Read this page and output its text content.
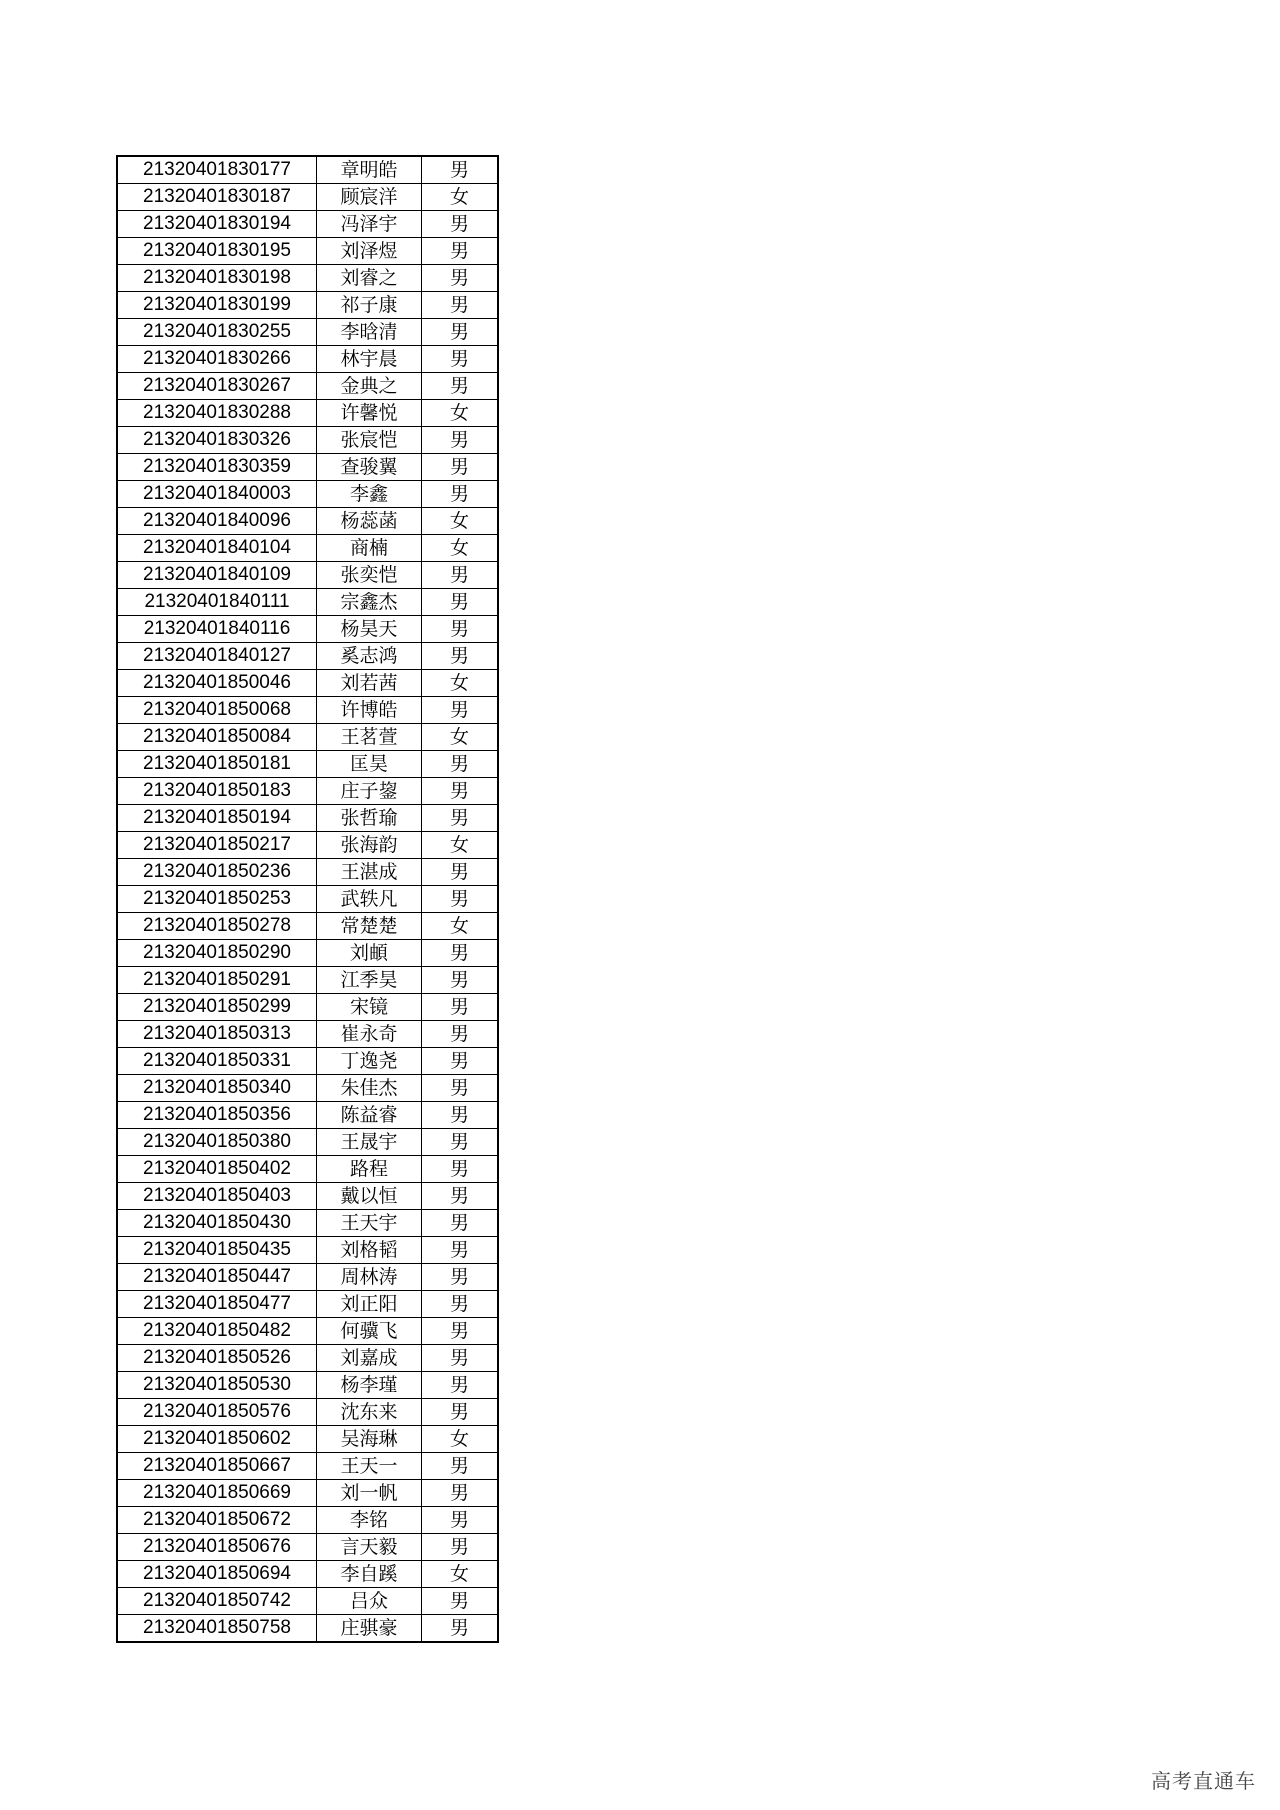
21320401830177	章明皓	男
21320401830187	顾宸洋	女
21320401830194	冯泽宇	男
21320401830195	刘泽煜	男
21320401830198	刘睿之	男
21320401830199	祁子康	男
21320401830255	李晗清	男
21320401830266	林宇晨	男
21320401830267	金典之	男
21320401830288	许馨悦	女
21320401830326	张宸恺	男
21320401830359	查骏翼	男
21320401840003	李鑫	男
21320401840096	杨蕊菡	女
21320401840104	商楠	女
21320401840109	张奕恺	男
21320401840111	宗鑫杰	男
21320401840116	杨昊天	男
21320401840127	奚志鸿	男
21320401850046	刘若茜	女
21320401850068	许博皓	男
21320401850084	王茗萱	女
21320401850181	匡昊	男
21320401850183	庄子鋆	男
21320401850194	张哲瑜	男
21320401850217	张海韵	女
21320401850236	王湛成	男
21320401850253	武轶凡	男
21320401850278	常楚楚	女
21320401850290	刘頔	男
21320401850291	江季昊	男
21320401850299	宋镜	男
21320401850313	崔永奇	男
21320401850331	丁逸尧	男
21320401850340	朱佳杰	男
21320401850356	陈益睿	男
21320401850380	王晟宇	男
21320401850402	路程	男
21320401850403	戴以恒	男
21320401850430	王天宇	男
21320401850435	刘格韬	男
21320401850447	周林涛	男
21320401850477	刘正阳	男
21320401850482	何骥飞	男
21320401850526	刘嘉成	男
21320401850530	杨李瑾	男
21320401850576	沈东来	男
21320401850602	吴海琳	女
21320401850667	王天一	男
21320401850669	刘一帆	男
21320401850672	李铭	男
21320401850676	言天毅	男
21320401850694	李自蹊	女
21320401850742	吕众	男
21320401850758	庄骐豪	男
高考直通车
